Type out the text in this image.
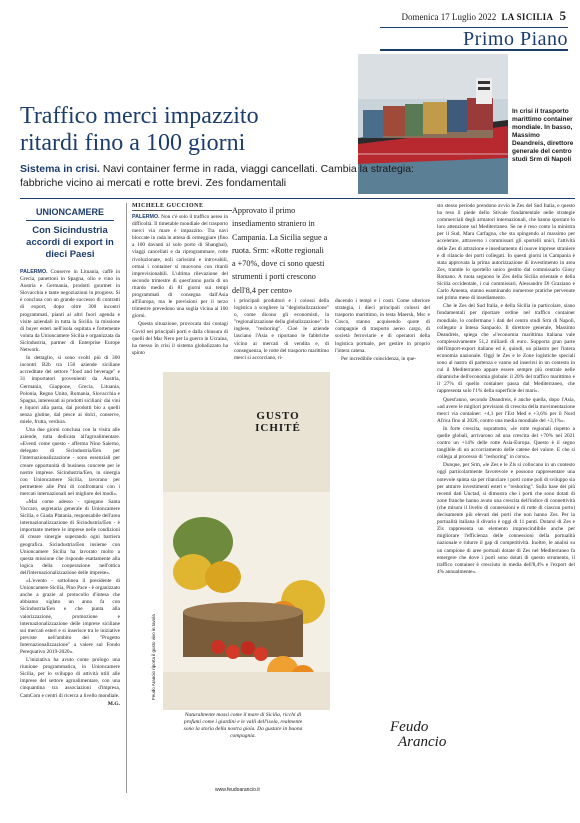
Domenica 17 Luglio 2022 LA SICILIA 5
Primo Piano
In crisi il trasporto marittimo container mondiale. In basso, Massimo Deandreis, direttore generale del centro studi Srm di Napoli
Traffico merci impazzito
ritardi fino a 100 giorni
Sistema in crisi. Navi container ferme in rada, viaggi cancellati. Cambia la strategia: fabbriche vicino ai mercati e rotte brevi. Zes fondamentali
UNIONCAMERE
Con Sicindustria accordi di export in dieci Paesi

PALERMO. Conserve in Lituania, caffè in Grecia, panettoni in Spagna, olio e vino in Austria e Germania, prodotti gourmet in Slovacchia e tante negoziazioni in progress. Si è conclusa con un grande successo di contratti di export, dopo oltre 300 incontri programmati, pianti ai altri fuori agenda e visite aziendali in tutta la Sicilia. la missione di buyer esteri nell'isola ospitata e fortemente voluta da Unioncamere Sicilia e organizzata da Sicindustria, partner di Enterprise Europe Network.

In dettaglio, si sono svolti più di 300 incontri B2b tra 150 aziende siciliane accreditate del settore "food and beverage" e 31 importatori provenienti da Austria, Germania, Giappone, Grecia, Lituania, Polonia, Regno Unito, Romania, Slovacchia e Spagna, interessati ai prodotti siciliani: dai vini e liquori alla pasta, dai prodotti bio a quelli senza glutine, dal pesce ai dolci, conserve, miele, frutta, verdura.

Una due giorni conclusa con la visita alle aziende, tutta dedicata all'agroalimentare. «Eventi come questo - afferma Nino Salerno, delegato di Sicindustria/Een per l'internazionalizzazione - sono essenziali per creare opportunità di business concrete per le nostre imprese. Sicindustria/Een, in sinergia con Unioncamere Sicilia, lavorano per permettere alle Pmi di confrontarsi con i mercati internazionali nel migliore dei modi».

«Mai come adesso - spiegano Santa Vaccaro, segretaria generale di Unioncamere Sicilia, e Giada Platania, responsabile dell'area internazionalizzazione di Sicindustria/Een - è importante mettere le imprese nelle condizioni di creare sinergie superando ogni barriera geografica. Sicindustria/Een insieme con Unioncamere Sicilia ha lavorato molto a questa missione che risponde esattamente alla logica della cooperazione nell'ottica dell'internazionalizzazione delle imprese».

«L'evento - sottolinea il presidente di Unioncamere Sicilia, Pino Pace - è organizzato anche a grazie al protocollo d'intesa che abbiamo siglato un anno fa con Sicindustria/Een e che punta alla valorizzazione, promozione e internazionalizzazione delle imprese siciliane sui mercati esteri e si inserisce tra le iniziative previste nell'ambito del "Progetto Internazionalizzazione" a valere sul Fondo Perequativo 2019-2020».

L'iniziativa ha avuto come prologo una riunione programmatica, in Unioncamere Sicilia, per lo sviluppo di attività utili alle imprese del settore agroalimentare, con una cinquantina tra associazioni d'impresa, CamCom e centri di ricerca a livello mondiale.

M.G.

MICHELE GUCCIONE

PALERMO. Non c'è solo il traffico aereo in difficoltà. Il timetable mondiale del trasporto merci via mare è impazzito. Tra navi bloccate in rada in attesa di ormeggiare (fino a 100 davanti al solo porto di Shanghai), viaggi cancellati e da riprogrammare, rotte rivoluzionate, noli carissimi e introvabili, ormai i container si muovono con ritardi imprevisionabili. L'ultima rilevazione del secondo trimestre di quest'anno parla di un ritardo medio di 81 giorni sui tempi programmati di consegna dall'Asia all'Europa, ma le previsioni per il terzo trimestre prevedono una soglia vicina ai 100 giorni.

Questa situazione, provocata dai contagi Covid nei principali porti e dalla chiusura di quelli del Mar Nero per la guerra in Ucraina, ha messo in crisi il sistema globalizzato ha spinto

Approvato il primo insediamento straniero in Campania. La Sicilia segue a ruota. Srm: «Rotte regionali a +70%, dove ci sono questi strumenti i porti crescono dell'8,4 per cento»

i principali produttori e i colossi della logistica a scegliere la "deglobalizzazione" o, come dicono gli economisti, la "regionalizzazione della globalizzazione". In inglese, "reshoring". Cioè le aziende lasciano l'Asia e riportano le fabbriche vicino ai mercati di vendita e, di conseguenza, le rotte del trasporto marittimo merci si accorciano, ri-

ducendo i tempi e i costi. Come ulteriore strategia, i dieci principali colossi del trasporto marittimo, in testa Maersk, Msc e Cosco, stanno acquisendo quote di compagnie di trasporto aereo cargo, di società ferroviarie e di operatori della logistica portuale, per gestire in proprio l'intera catena.

Per incredibile coincidenza, in que-

sto stesso periodo prendono avvio le Zes del Sud Italia, e questo ha reso il piede dello Stivale fondamentale nelle strategie commerciali degli armatori internazionali, che hanno spostato lo loro attenzione sul Mediterraneo. Se ne è reso conto la ministra per il Sud, Mara Carfagna, che sta spingendo al massimo per accelerare, attraverso i commissari gli sportelli unici, l'attività delle Zes di attrazione e insediamento di nuove imprese straniere e di rilancio dei porti collegati. In questi giorni in Campania è stata approvata la prima autorizzazione di investimento in area Zes, tramite lo sportello unico gestito dal commissario Giosy Romano. A ruota seguono le Zes della Sicilia orientale e della Sicilia occidentale, i cui commissari, Alessandro Di Graziano e Carlo Amenta, stanno esaminando numerose pratiche pervenute nel primo mese di insediamento.

Che le Zes del Sud Italia, e della Sicilia in particolare, siano fondamentali per riportare ordine nel traffico container mondiale, lo confermano i dati del centro studi Srm di Napoli, collegato a Intesa Sanpaolo. Il direttore generale, Massimo Deandreis, spiega che «l'economia marittima italiana vale complessivamente 51,2 miliardi di euro. Supporta gran parte dell'import-export italiano ed è, quindi, un pilastro per l'intera economia nazionale. Oggi le Zes e le Zone logistiche speciali sono al nastro di partenza e vanno ad inserirsi in un contesto in cui il Mediterraneo appare essere sempre più centrale nelle dinamiche dell'economia globale: il 20% del traffico marittimo e il 27% di quello container passa dal Mediterraneo, che rappresenta solo l'1% della superficie dei mari».

Quest'anno, secondo Deandreis, è anche quella, dopo l'Asia, «ad avere le migliori previsioni di crescita della movimentazione merci via container: +4,1 per l'Est Med e +3,6% per il Nord Africa fino al 2026, contro una media mondiale del +3,1%».

In forte crescita, soprattutto, «le rotte regionali rispetto a quelle globali, arrivarono ad una crescita del +70% nel 2021 contro un +14% delle rotte Asia-Europa. Questo è il segno tangibile di un accorciamento delle catene del valore. E che si collega al processo di "reshoring" in corso».

Dunque, per Srm, «le Zes e le Zls si collocano in un contesto oggi particolarmente favorevole e possono rappresentare una notevole spinta sia per rilanciare i porti come poli di sviluppo sia per attrarre investimenti esteri e "reshoring". Sulla base dei più recenti dati Unctad, si dimostra che i porti che sono dotati di zone franche hanno avuto una crescita dell'indice di connettività (che misura il livello di connessioni e di rotte di ciascun porto) decisamente più elevati dei porti che non hanno Zes. Per la portualità italiana il divario è oggi di 11 punti. Dotarsi di Zes e Zls rappresenta un elemento imprescindibile anche per migliorare l'efficienza delle connessioni della portualità nazionale e ridurre il gap di competitività. Inoltre, le analisi su un campione di aree portuali dotate di Zes nel Mediterraneo fa emergere che dove i porti sono dotati di questo strumento, il traffico container è cresciuto in media dell'8,4% e l'export del 4% annualmente».

GUSTO
ICHITÉ
Feudo Arancio riporta il gusto vivo in tavola
Naturalmente mossi come il mare di Sicilia, ricchi di profumi come i giardini e le valli dell'isola, realmente sono la storia della nostra gioia. Da gustare in buona compagnia.
www.feudoarancio.it
Feudo
Arancio
